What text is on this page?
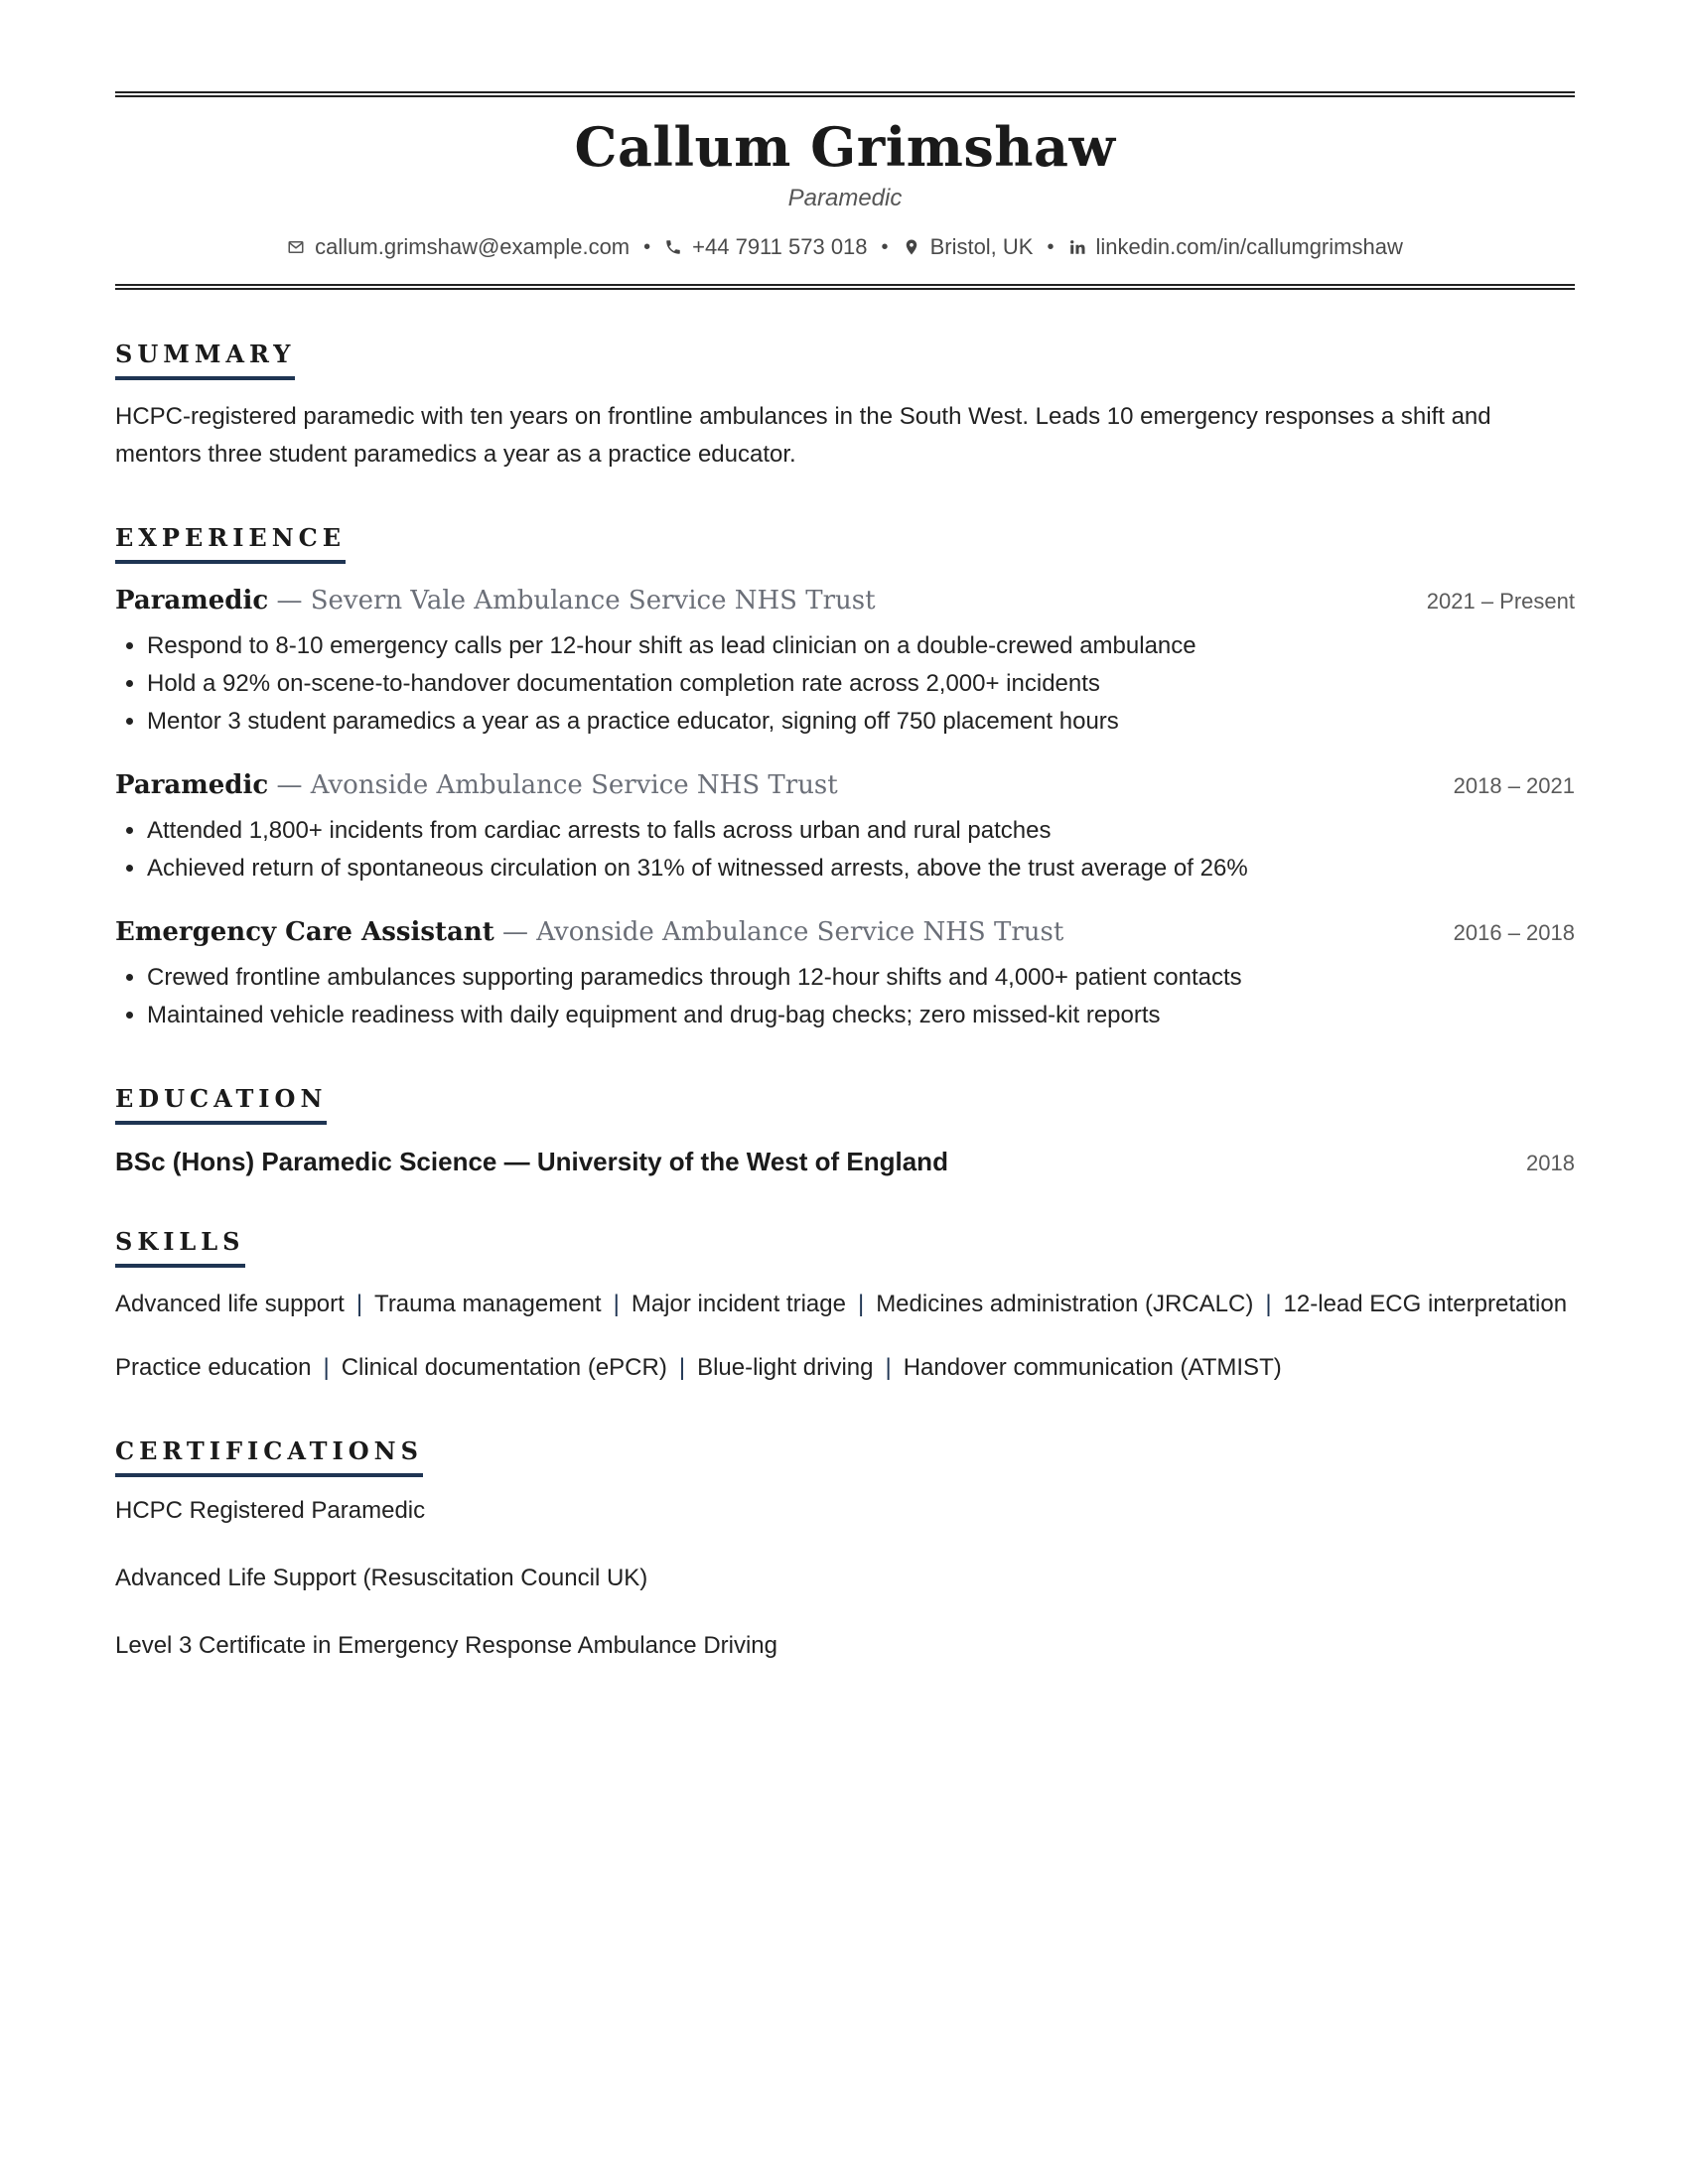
Callum Grimshaw
Paramedic
callum.grimshaw@example.com • +44 7911 573 018 • Bristol, UK • linkedin.com/in/callumgrimshaw
SUMMARY

HCPC-registered paramedic with ten years on frontline ambulances in the South West. Leads 10 emergency responses a shift and mentors three student paramedics a year as a practice educator.

EXPERIENCE
Paramedic — Severn Vale Ambulance Service NHS Trust	2021 – Present
• Respond to 8-10 emergency calls per 12-hour shift as lead clinician on a double-crewed ambulance
• Hold a 92% on-scene-to-handover documentation completion rate across 2,000+ incidents
• Mentor 3 student paramedics a year as a practice educator, signing off 750 placement hours
Paramedic — Avonside Ambulance Service NHS Trust	2018 – 2021
• Attended 1,800+ incidents from cardiac arrests to falls across urban and rural patches
• Achieved return of spontaneous circulation on 31% of witnessed arrests, above the trust average of 26%
Emergency Care Assistant — Avonside Ambulance Service NHS Trust	2016 – 2018
• Crewed frontline ambulances supporting paramedics through 12-hour shifts and 4,000+ patient contacts
• Maintained vehicle readiness with daily equipment and drug-bag checks; zero missed-kit reports
EDUCATION
BSc (Hons) Paramedic Science — University of the West of England	2018
SKILLS
Advanced life support | Trauma management | Major incident triage | Medicines administration (JRCALC) | 12-lead ECG interpretation
Practice education | Clinical documentation (ePCR) | Blue-light driving | Handover communication (ATMIST)
CERTIFICATIONS
HCPC Registered Paramedic
Advanced Life Support (Resuscitation Council UK)
Level 3 Certificate in Emergency Response Ambulance Driving
